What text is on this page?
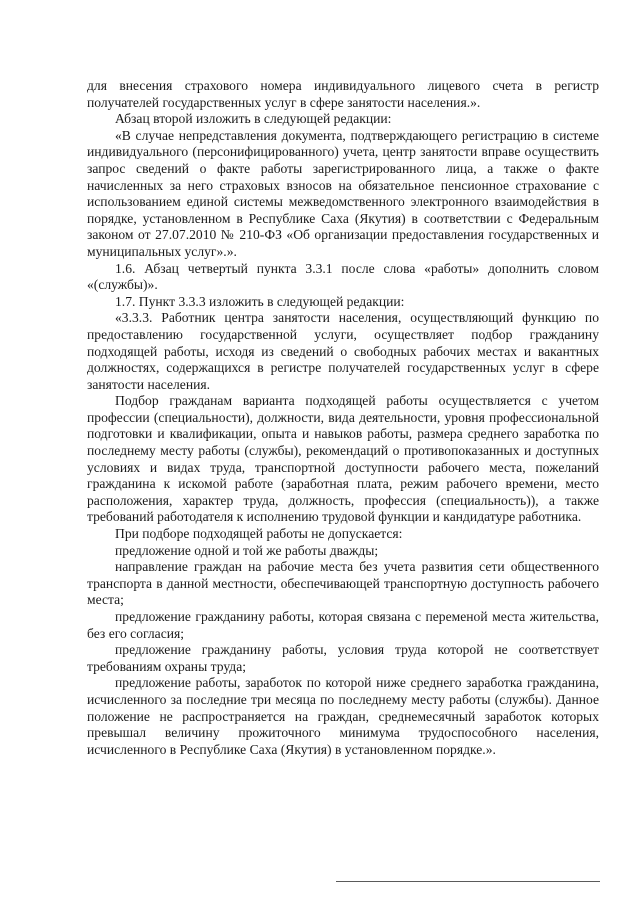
для внесения страхового номера индивидуального лицевого счета в регистр получателей государственных услуг в сфере занятости населения.».

Абзац второй изложить в следующей редакции:

«В случае непредставления документа, подтверждающего регистрацию в системе индивидуального (персонифицированного) учета, центр занятости вправе осуществить запрос сведений о факте работы зарегистрированного лица, а также о факте начисленных за него страховых взносов на обязательное пенсионное страхование с использованием единой системы межведомственного электронного взаимодействия в порядке, установленном в Республике Саха (Якутия) в соответствии с Федеральным законом от 27.07.2010 № 210-ФЗ «Об организации предоставления государственных и муниципальных услуг».».

1.6. Абзац четвертый пункта 3.3.1 после слова «работы» дополнить словом «(службы)».

1.7. Пункт 3.3.3 изложить в следующей редакции:

«3.3.3. Работник центра занятости населения, осуществляющий функцию по предоставлению государственной услуги, осуществляет подбор гражданину подходящей работы, исходя из сведений о свободных рабочих местах и вакантных должностях, содержащихся в регистре получателей государственных услуг в сфере занятости населения.

Подбор гражданам варианта подходящей работы осуществляется с учетом профессии (специальности), должности, вида деятельности, уровня профессиональной подготовки и квалификации, опыта и навыков работы, размера среднего заработка по последнему месту работы (службы), рекомендаций о противопоказанных и доступных условиях и видах труда, транспортной доступности рабочего места, пожеланий гражданина к искомой работе (заработная плата, режим рабочего времени, место расположения, характер труда, должность, профессия (специальность)), а также требований работодателя к исполнению трудовой функции и кандидатуре работника.

При подборе подходящей работы не допускается:

предложение одной и той же работы дважды;

направление граждан на рабочие места без учета развития сети общественного транспорта в данной местности, обеспечивающей транспортную доступность рабочего места;

предложение гражданину работы, которая связана с переменой места жительства, без его согласия;

предложение гражданину работы, условия труда которой не соответствует требованиям охраны труда;

предложение работы, заработок по которой ниже среднего заработка гражданина, исчисленного за последние три месяца по последнему месту работы (службы). Данное положение не распространяется на граждан, среднемесячный заработок которых превышал величину прожиточного минимума трудоспособного населения, исчисленного в Республике Саха (Якутия) в установленном порядке.».
